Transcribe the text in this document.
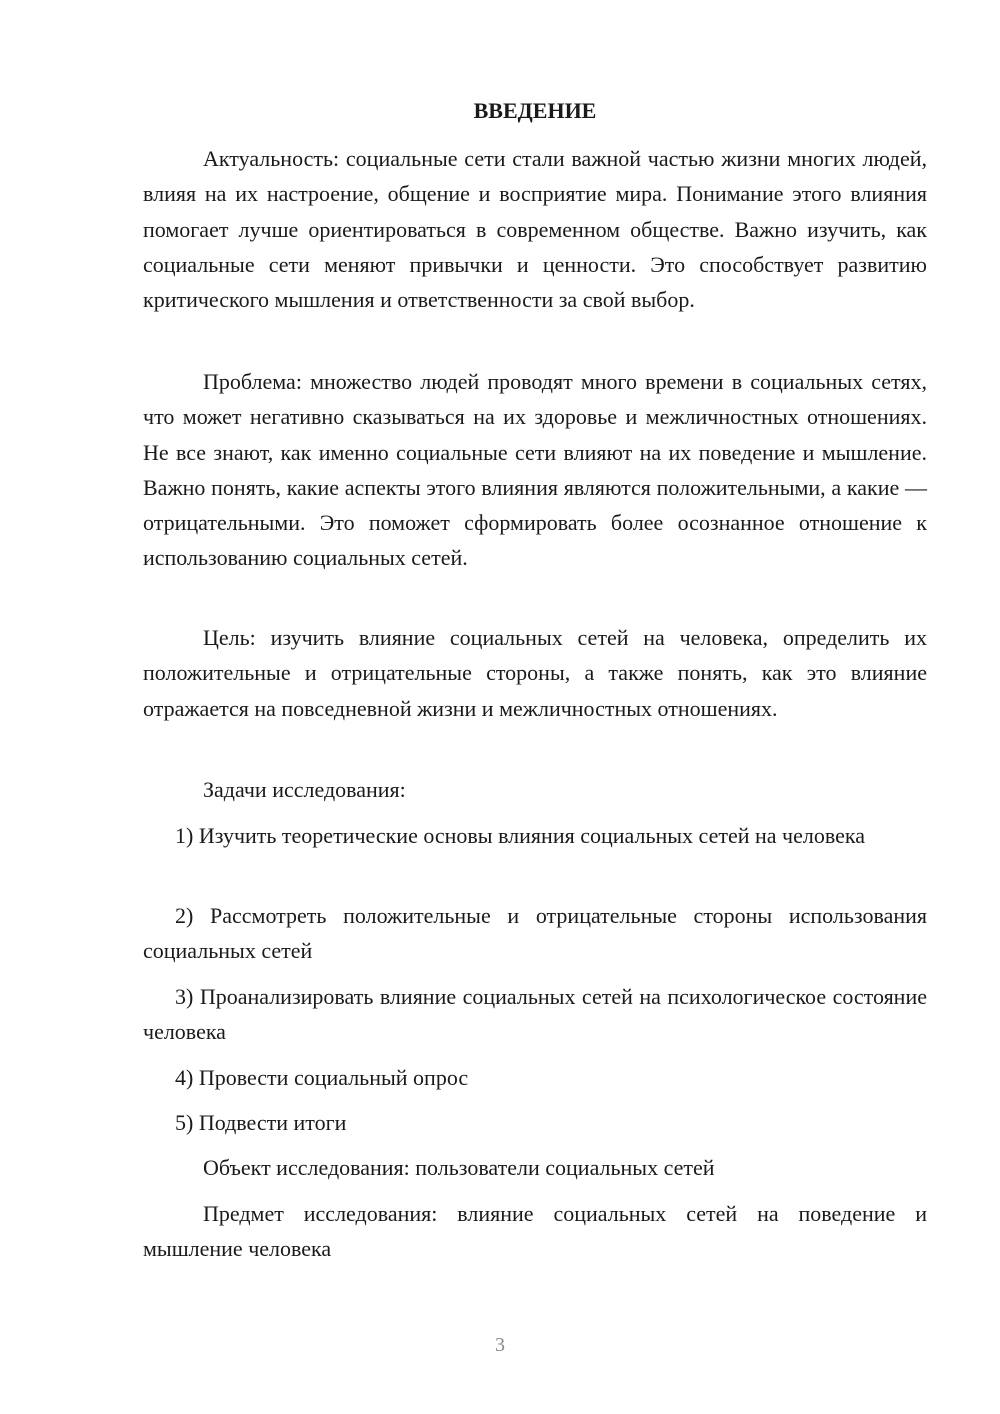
ВВЕДЕНИЕ

Актуальность: социальные сети стали важной частью жизни многих людей, влияя на их настроение, общение и восприятие мира. Понимание этого влияния помогает лучше ориентироваться в современном обществе. Важно изучить, как социальные сети меняют привычки и ценности. Это способствует развитию критического мышления и ответственности за свой выбор.

Проблема: множество людей проводят много времени в социальных сетях, что может негативно сказываться на их здоровье и межличностных отношениях. Не все знают, как именно социальные сети влияют на их поведение и мышление. Важно понять, какие аспекты этого влияния являются положительными, а какие — отрицательными. Это поможет сформировать более осознанное отношение к использованию социальных сетей.

Цель: изучить влияние социальных сетей на человека, определить их положительные и отрицательные стороны, а также понять, как это влияние отражается на повседневной жизни и межличностных отношениях.

Задачи исследования:

1) Изучить теоретические основы влияния социальных сетей на человека

2) Рассмотреть положительные и отрицательные стороны использования социальных сетей

3) Проанализировать влияние социальных сетей на психологическое состояние человека

4) Провести социальный опрос

5) Подвести итоги

Объект исследования: пользователи социальных сетей

Предмет исследования: влияние социальных сетей на поведение и мышление человека

3
